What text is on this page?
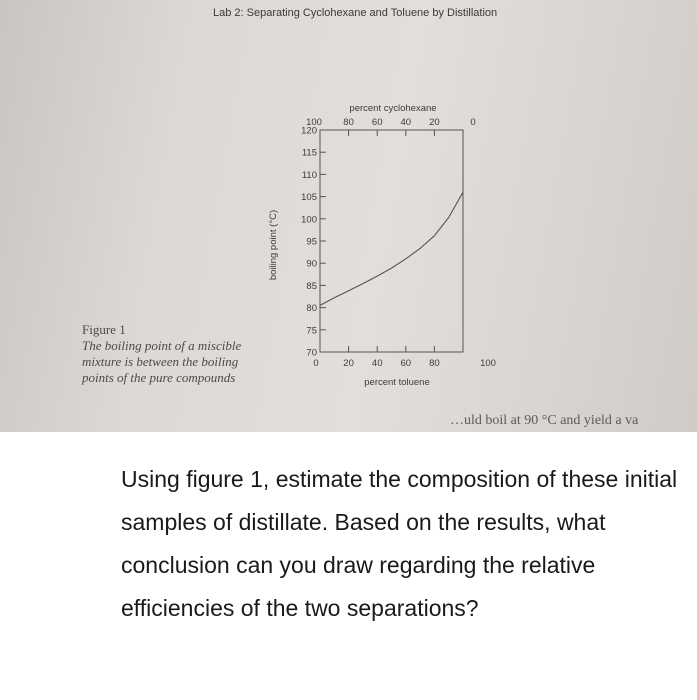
Lab 2: Separating Cyclohexane and Toluene by Distillation
70
75
80
85
90
95
100
105
110
115
120
0	20 40 60 80	100
100 80 60 40 20	0
percent cyclohexane
percent toluene
boiling point (°C)
Figure 1
The boiling point of a miscible mixture is between the boiling points of the pure compounds
…uld boil at 90 °C and yield a va
Using figure 1, estimate the composition of these initial samples of distillate. Based on the results, what conclusion can you draw regarding the relative efficiencies of the two separations?
